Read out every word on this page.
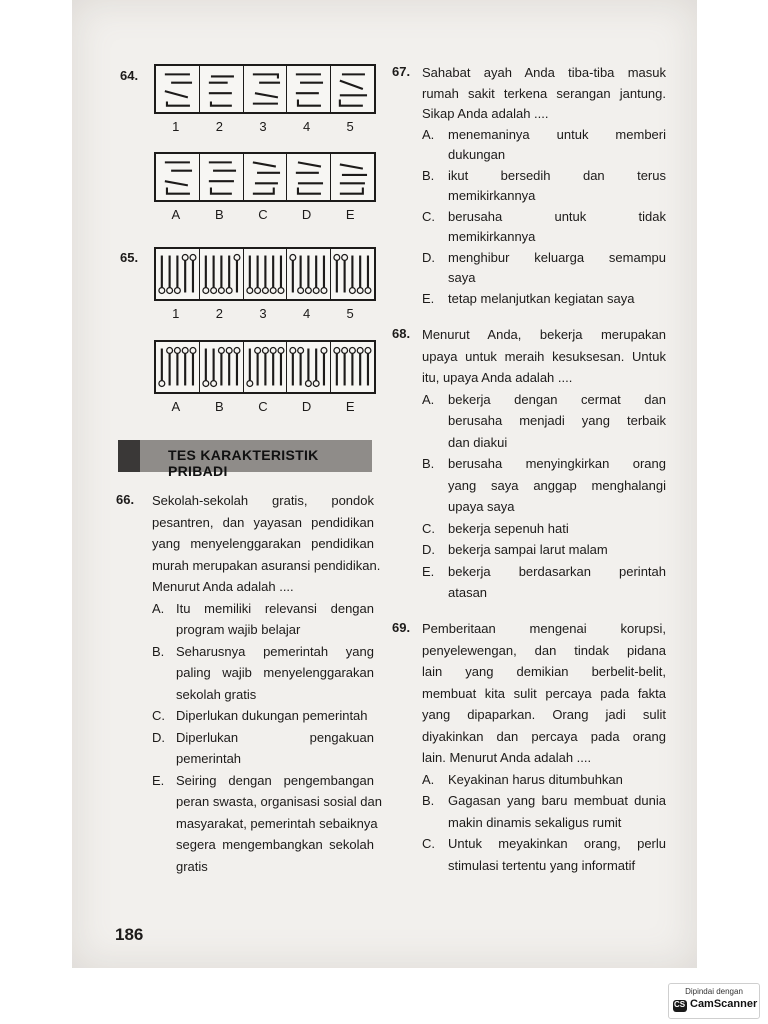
64.
1	2	3	4	5
A	B	C	D	E
65.
1	2	3	4	5
A	B	C	D	E
TES KARAKTERISTIK PRIBADI
66. Sekolah-sekolah gratis, pondok
pesantren, dan yayasan pendidikan
yang menyelenggarakan pendidikan
murah merupakan asuransi pendidikan.
Menurut Anda adalah ....
A. Itu memiliki relevansi dengan
program wajib belajar
B. Seharusnya pemerintah yang
paling wajib menyelenggarakan
sekolah gratis
C. Diperlukan dukungan pemerintah
D. Diperlukan pengakuan
pemerintah
E. Seiring dengan pengembangan
peran swasta, organisasi sosial dan
masyarakat, pemerintah sebaiknya
segera mengembangkan sekolah
gratis
67. Sahabat ayah Anda tiba-tiba masuk
rumah sakit terkena serangan jantung.
Sikap Anda adalah ....
A. menemaninya untuk memberi
dukungan
B. ikut bersedih dan terus
memikirkannya
C. berusaha untuk tidak
memikirkannya
D. menghibur keluarga semampu
saya
E. tetap melanjutkan kegiatan saya
68. Menurut Anda, bekerja merupakan
upaya untuk meraih kesuksesan. Untuk
itu, upaya Anda adalah ....
A. bekerja dengan cermat dan
berusaha menjadi yang terbaik
dan diakui
B. berusaha menyingkirkan orang
yang saya anggap menghalangi
upaya saya
C. bekerja sepenuh hati
D. bekerja sampai larut malam
E. bekerja berdasarkan perintah
atasan
69. Pemberitaan mengenai korupsi,
penyelewengan, dan tindak pidana
lain yang demikian berbelit-belit,
membuat kita sulit percaya pada fakta
yang dipaparkan. Orang jadi sulit
diyakinkan dan percaya pada orang
lain. Menurut Anda adalah ....
A. Keyakinan harus ditumbuhkan
B. Gagasan yang baru membuat dunia
makin dinamis sekaligus rumit
C. Untuk meyakinkan orang, perlu
stimulasi tertentu yang informatif
186
Dipindai dengan
CS
CamScanner
